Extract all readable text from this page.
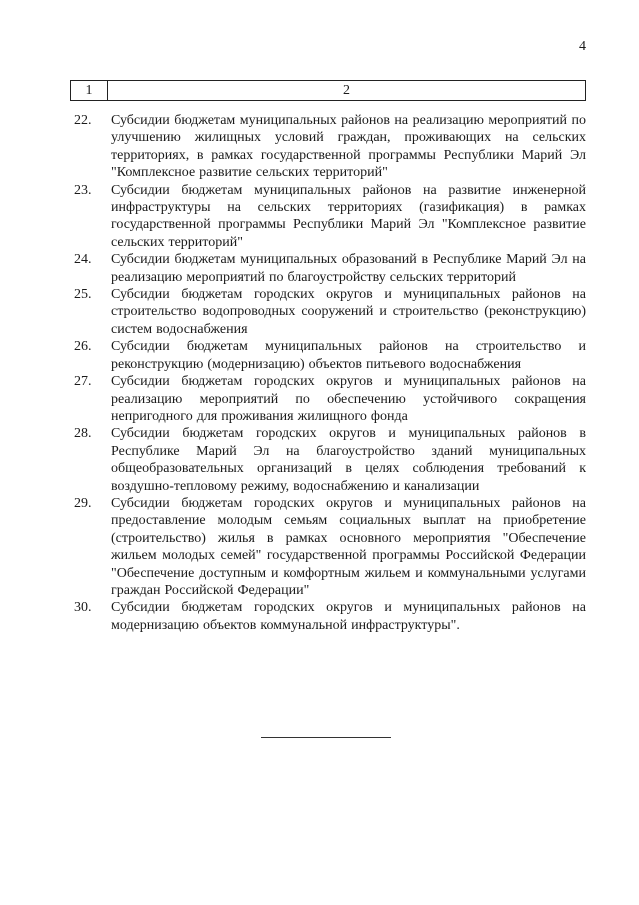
4
1	2
22.	Субсидии бюджетам муниципальных районов на реализацию мероприятий по улучшению жилищных условий граждан, проживающих на сельских территориях, в рамках государственной программы Республики Марий Эл "Комплексное развитие сельских территорий"
23.	Субсидии бюджетам муниципальных районов на развитие инженерной инфраструктуры на сельских территориях (газификация) в рамках государственной программы Республики Марий Эл "Комплексное развитие сельских территорий"
24.	Субсидии бюджетам муниципальных образований в Республике Марий Эл на реализацию мероприятий по благоустройству сельских территорий
25.	Субсидии бюджетам городских округов и муниципальных районов на строительство водопроводных сооружений и строительство (реконструкцию) систем водоснабжения
26.	Субсидии бюджетам муниципальных районов на строительство и реконструкцию (модернизацию) объектов питьевого водоснабжения
27.	Субсидии бюджетам городских округов и муниципальных районов на реализацию мероприятий по обеспечению устойчивого сокращения непригодного для проживания жилищного фонда
28.	Субсидии бюджетам городских округов и муниципальных районов в Республике Марий Эл на благоустройство зданий муниципальных общеобразовательных организаций в целях соблюдения требований к воздушно-тепловому режиму, водоснабжению и канализации
29.	Субсидии бюджетам городских округов и муниципальных районов на предоставление молодым семьям социальных выплат на приобретение (строительство) жилья в рамках основного мероприятия "Обеспечение жильем молодых семей" государственной программы Российской Федерации "Обеспечение доступным и комфортным жильем и коммунальными услугами граждан Российской Федерации"
30.	Субсидии бюджетам городских округов и муниципальных районов на модернизацию объектов коммунальной инфраструктуры".
